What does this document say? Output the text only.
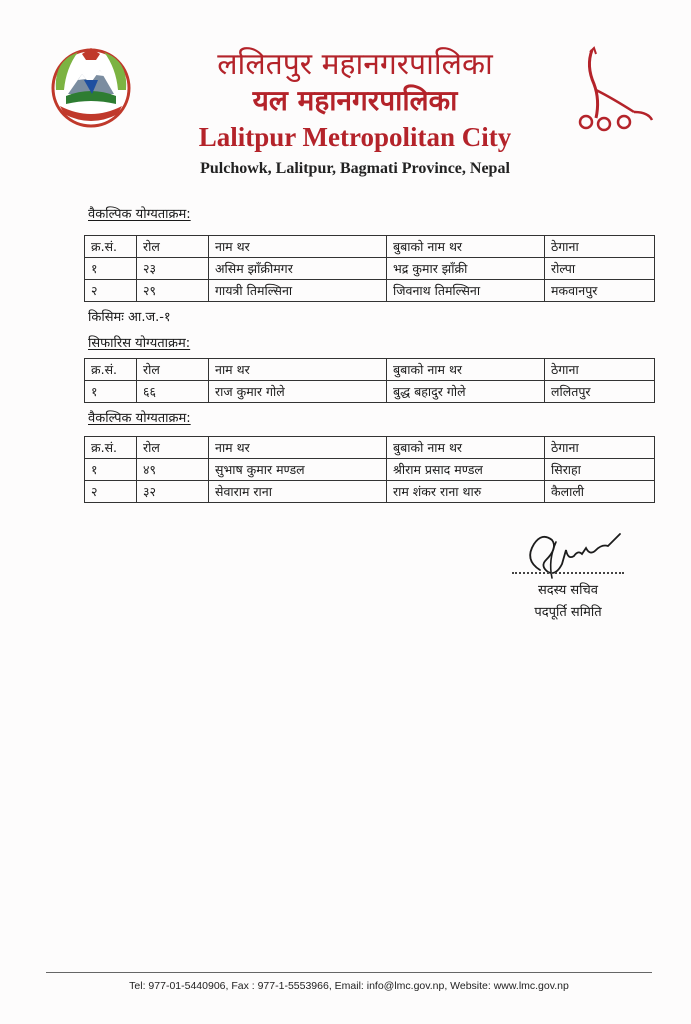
ललितपुर महानगरपालिका
यल महानगरपालिका
Lalitpur Metropolitan City
Pulchowk, Lalitpur, Bagmati Province, Nepal
वैकल्पिक योग्यताक्रम:
क्र.सं.	रोल	नाम थर	बुबाको नाम थर	ठेगाना
१	२३	असिम झाँक्रीमगर	भद्र कुमार झाँक्री	रोल्पा
२	२९	गायत्री तिमल्सिना	जिवनाथ तिमल्सिना	मकवानपुर
किसिमः आ.ज.-१
सिफारिस योग्यताक्रम:
क्र.सं.	रोल	नाम थर	बुबाको नाम थर	ठेगाना
१	६६	राज कुमार गोले	बुद्ध बहादुर गोले	ललितपुर
वैकल्पिक योग्यताक्रम:
क्र.सं.	रोल	नाम थर	बुबाको नाम थर	ठेगाना
१	४९	सुभाष कुमार मण्डल	श्रीराम प्रसाद मण्डल	सिराहा
२	३२	सेवाराम राना	राम शंकर राना थारु	कैलाली
सदस्य सचिव
पदपूर्ति समिति
Tel: 977-01-5440906, Fax : 977-1-5553966, Email: info@lmc.gov.np, Website: www.lmc.gov.np
